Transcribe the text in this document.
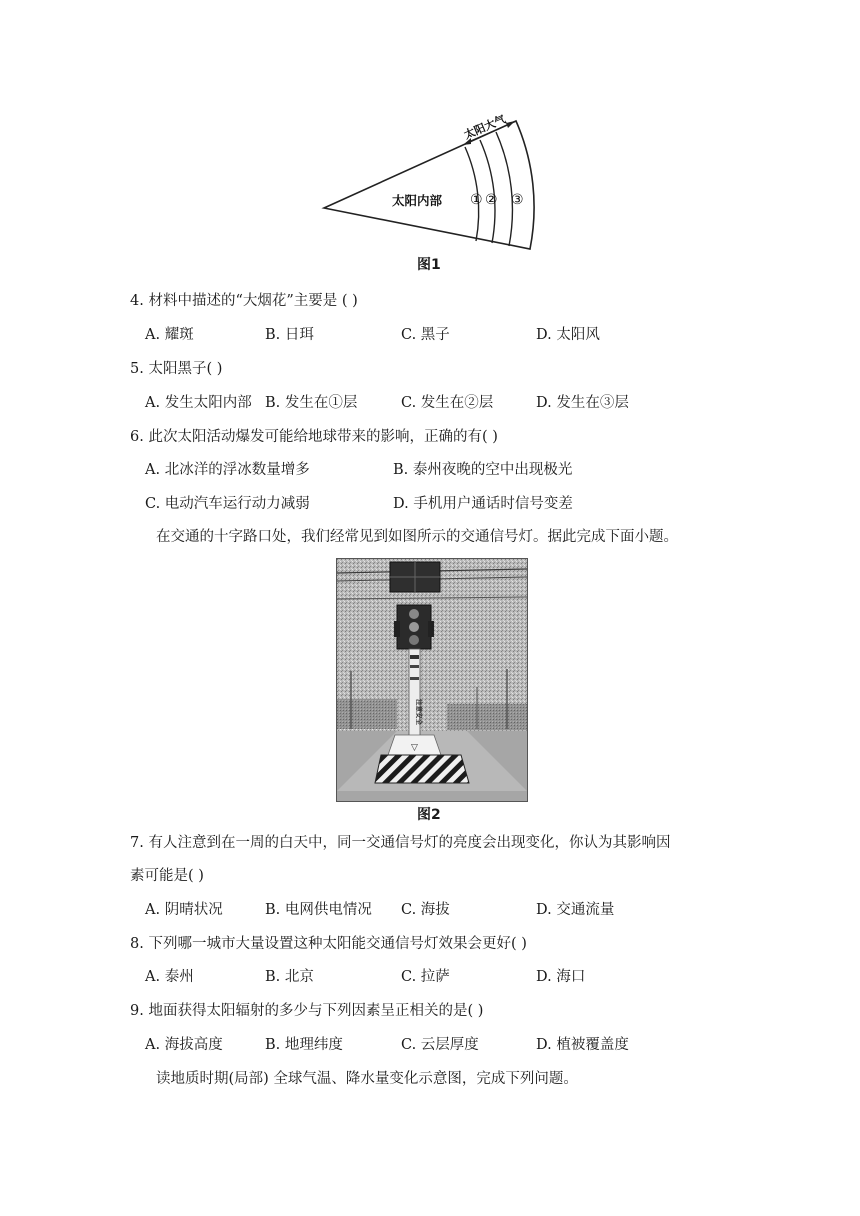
太阳内部
太阳大气
① ② ③
图1
4. 材料中描述的“大烟花”主要是 ( )
A. 耀斑	B. 日珥	C. 黑子	D. 太阳风
5. 太阳黑子( )
A. 发生太阳内部 B. 发生在①层	C. 发生在②层	D. 发生在③层
6. 此次太阳活动爆发可能给地球带来的影响，正确的有( )
A. 北冰洋的浮冰数量增多	B. 泰州夜晚的空中出现极光
C. 电动汽车运行动力减弱	D. 手机用户通话时信号变差
在交通的十字路口处，我们经常见到如图所示的交通信号灯。据此完成下面小题。
注意安全
▽
图2
7. 有人注意到在一周的白天中，同一交通信号灯的亮度会出现变化，你认为其影响因
素可能是( )
A. 阴晴状况	B. 电网供电情况 C. 海拔	D. 交通流量
8. 下列哪一城市大量设置这种太阳能交通信号灯效果会更好( )
A. 泰州	B. 北京	C. 拉萨	D. 海口
9. 地面获得太阳辐射的多少与下列因素呈正相关的是( )
A. 海拔高度	B. 地理纬度	C. 云层厚度	D. 植被覆盖度
读地质时期(局部) 全球气温、降水量变化示意图，完成下列问题。
